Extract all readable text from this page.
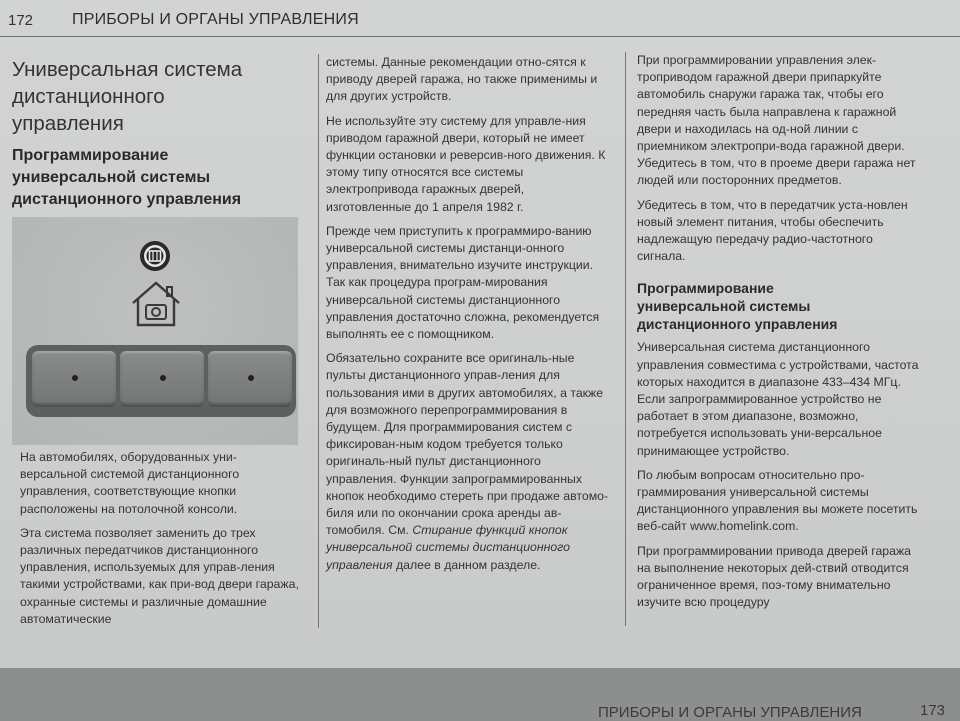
172 ПРИБОРЫ И ОРГАНЫ УПРАВЛЕНИЯ
Универсальная система
дистанционного
управления
Программирование
универсальной системы
дистанционного управления

На автомобилях, оборудованных уни-версальной системой дистанционного управления, соответствующие кнопки расположены на потолочной консоли.

Эта система позволяет заменить до трех различных передатчиков дистанционного управления, используемых для управ-ления такими устройствами, как при-вод двери гаража, охранные системы и различные домашние автоматические

системы. Данные рекомендации отно-сятся к приводу дверей гаража, но также применимы и для других устройств.

Не используйте эту систему для управле-ния приводом гаражной двери, который не имеет функции остановки и реверсив-ного движения. К этому типу относятся все системы электропривода гаражных дверей, изготовленные до 1 апреля 1982 г.

Прежде чем приступить к программиро-ванию универсальной системы дистанци-онного управления, внимательно изучите инструкции. Так как процедура програм-мирования универсальной системы дистанционного управления достаточно сложна, рекомендуется выполнять ее с помощником.

Обязательно сохраните все оригиналь-ные пульты дистанционного управ-ления для пользования ими в других автомобилях, а также для возможного перепрограммирования в будущем. Для программирования систем с фиксирован-ным кодом требуется только оригиналь-ный пульт дистанционного управления. Функции запрограммированных кнопок необходимо стереть при продаже автомо-биля или по окончании срока аренды ав-томобиля. См. Стирание функций кнопок универсальной системы дистанционного управления далее в данном разделе.

При программировании управления элек-троприводом гаражной двери припаркуйте автомобиль снаружи гаража так, чтобы его передняя часть была направлена к гаражной двери и находилась на од-ной линии с приемником электропри-вода гаражной двери. Убедитесь в том, что в проеме двери гаража нет людей или посторонних предметов.

Убедитесь в том, что в передатчик уста-новлен новый элемент питания, чтобы обеспечить надлежащую передачу радио-частотного сигнала.

Программирование
универсальной системы
дистанционного управления

Универсальная система дистанционного управления совместима с устройствами, частота которых находится в диапазоне 433–434 МГц. Если запрограммированное устройство не работает в этом диапазоне, возможно, потребуется использовать уни-версальное принимающее устройство.

По любым вопросам относительно про-граммирования универсальной системы дистанционного управления вы можете посетить веб-сайт www.homelink.com.

При программировании привода дверей гаража на выполнение некоторых дей-ствий отводится ограниченное время, поэ-тому внимательно изучите всю процедуру

ПРИБОРЫ И ОРГАНЫ УПРАВЛЕНИЯ	173
